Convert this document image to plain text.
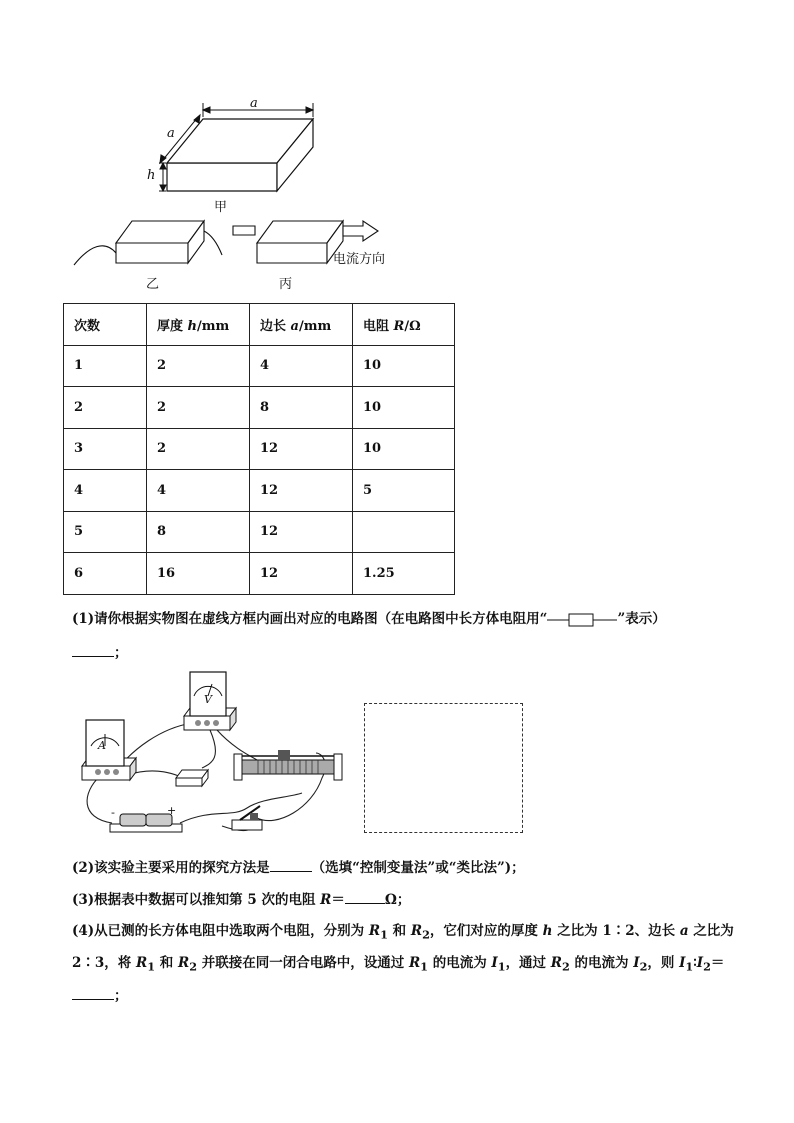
a
a
h
甲
乙	丙
电流方向
次数	厚度 h/mm	边长 a/mm	电阻 R/Ω
1	2	4	10
2	2	8	10
3	2	12	10
4	4	12	5
5	8	12	
6	16	12	1.25
(1)请你根据实物图在虚线方框内画出对应的电路图（在电路图中长方体电阻用“	”表示）
；
A
V
-	+
(2)该实验主要采用的探究方法是	（选填“控制变量法”或“类比法”)；
(3)根据表中数据可以推知第 5 次的电阻 R＝	Ω；
(4)从已测的长方体电阻中选取两个电阻，分别为 $R_1$ 和 $R_2$，它们对应的厚度 h 之比为 1∶2、边长 a 之比为
2∶3，将 $R_1$ 和 $R_2$ 并联接在同一闭合电路中，设通过 $R_1$ 的电流为 $I_1$，通过 $R_2$ 的电流为 $I_2$，则 $I_1∶I_2=$
；
